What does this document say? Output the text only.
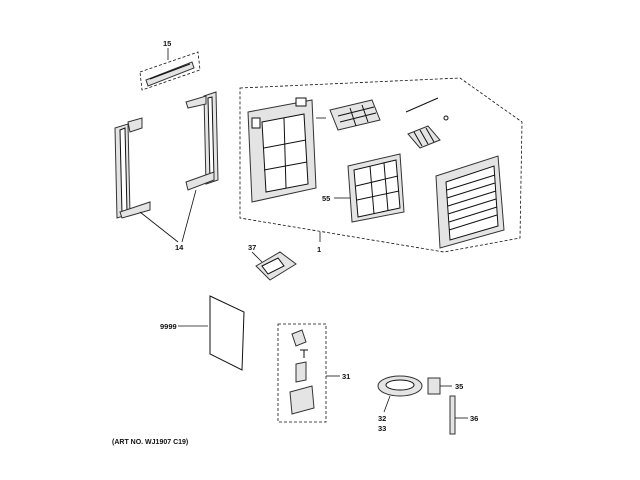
15
14	1
55
37
9999
31
32
33
35
36
(ART NO. WJ1907 C19)
